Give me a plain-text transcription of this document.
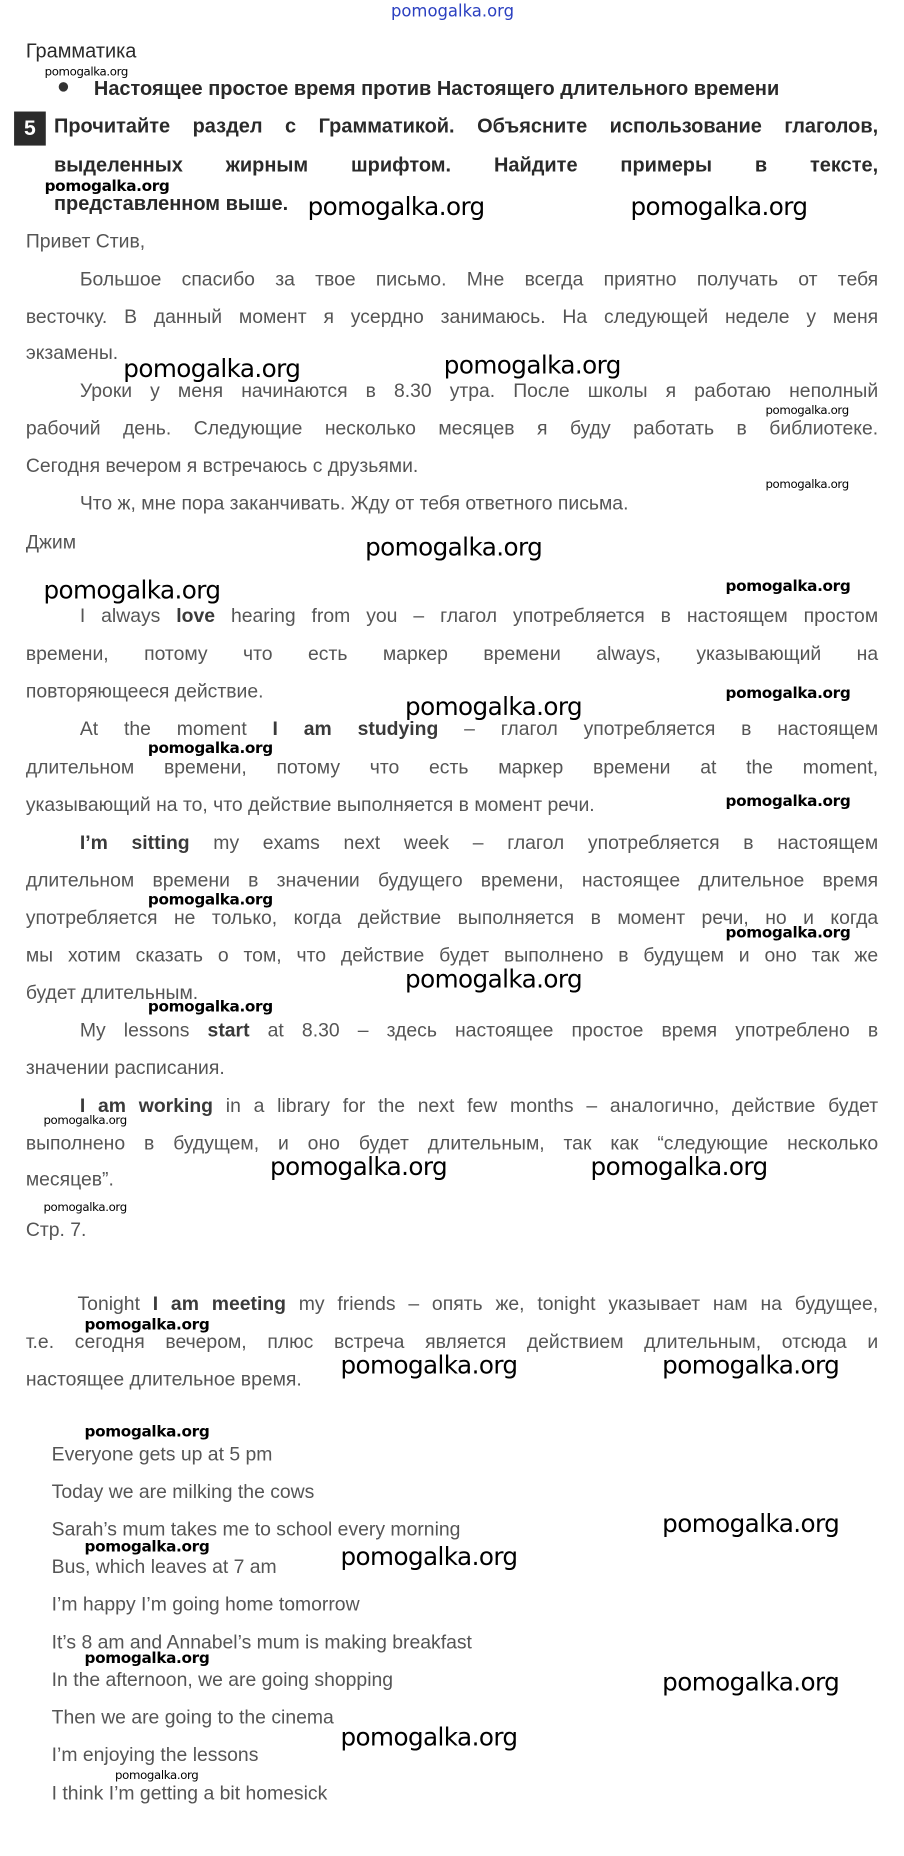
Грамматика
Настоящее простое время против Настоящего длительного времени
5	Прочитайте раздел с Грамматикой. Объясните использование глаголов,
выделенных жирным шрифтом. Найдите примеры в тексте,
представленном выше.
Привет Стив,
Большое спасибо за твое письмо. Мне всегда приятно получать от тебя
весточку. В данный момент я усердно занимаюсь. На следующей неделе у меня
экзамены.
Уроки у меня начинаются в 8.30 утра. После школы я работаю неполный
рабочий день. Следующие несколько месяцев я буду работать в библиотеке.
Сегодня вечером я встречаюсь с друзьями.
Что ж, мне пора заканчивать. Жду от тебя ответного письма.
Джим
I always love hearing from you – глагол употребляется в настоящем простом
времени, потому что есть маркер времени always, указывающий на
повторяющееся действие.
At the moment I am studying – глагол употребляется в настоящем
длительном времени, потому что есть маркер времени at the moment,
указывающий на то, что действие выполняется в момент речи.
I’m sitting my exams next week – глагол употребляется в настоящем
длительном времени в значении будущего времени, настоящее длительное время
употребляется не только, когда действие выполняется в момент речи, но и когда
мы хотим сказать о том, что действие будет выполнено в будущем и оно так же
будет длительным.
My lessons start at 8.30 – здесь настоящее простое время употреблено в
значении расписания.
I am working in a library for the next few months – аналогично, действие будет
выполнено в будущем, и оно будет длительным, так как “следующие несколько
месяцев”.
Стр. 7.
Tonight I am meeting my friends – опять же, tonight указывает нам на будущее,
т.е. сегодня вечером, плюс встреча является действием длительным, отсюда и
настоящее длительное время.
Everyone gets up at 5 pm
Today we are milking the cows
Sarah’s mum takes me to school every morning
Bus, which leaves at 7 am
I’m happy I’m going home tomorrow
It’s 8 am and Annabel’s mum is making breakfast
In the afternoon, we are going shopping
Then we are going to the cinema
I’m enjoying the lessons
I think I’m getting a bit homesick
pomogalka.org
pomogalka.org
pomogalka.org
pomogalka.org	pomogalka.org
pomogalka.org	pomogalka.org
pomogalka.org
pomogalka.org
pomogalka.org
pomogalka.org	pomogalka.org
pomogalka.org
pomogalka.org
pomogalka.org
pomogalka.org
pomogalka.org
pomogalka.org
pomogalka.org
pomogalka.org
pomogalka.org
pomogalka.org	pomogalka.org
pomogalka.org
pomogalka.org
pomogalka.org	pomogalka.org
pomogalka.org
pomogalka.org
pomogalka.org	pomogalka.org
pomogalka.org
pomogalka.org
pomogalka.org
pomogalka.org
